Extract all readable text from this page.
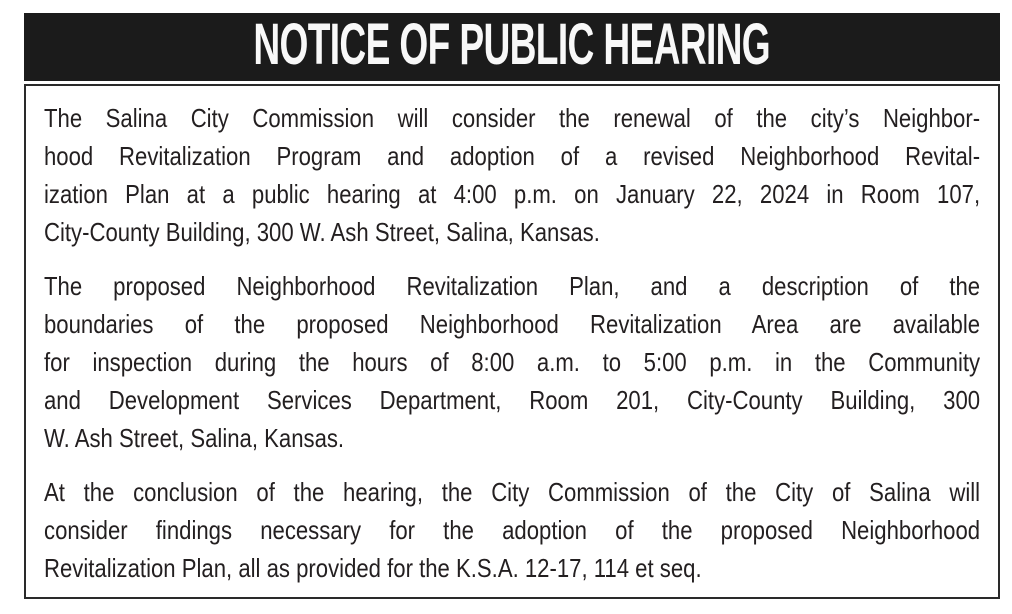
NOTICE OF PUBLIC HEARING
The Salina City Commission will consider the renewal of the city’s Neighbor-
hood Revitalization Program and adoption of a revised Neighborhood Revital-
ization Plan at a public hearing at 4:00 p.m. on January 22, 2024 in Room 107,
City-County Building, 300 W. Ash Street, Salina, Kansas.
The proposed Neighborhood Revitalization Plan, and a description of the
boundaries of the proposed Neighborhood Revitalization Area are available
for inspection during the hours of 8:00 a.m. to 5:00 p.m. in the Community
and Development Services Department, Room 201, City-County Building, 300
W. Ash Street, Salina, Kansas.
At the conclusion of the hearing, the City Commission of the City of Salina will
consider findings necessary for the adoption of the proposed Neighborhood
Revitalization Plan, all as provided for the K.S.A. 12-17, 114 et seq.
